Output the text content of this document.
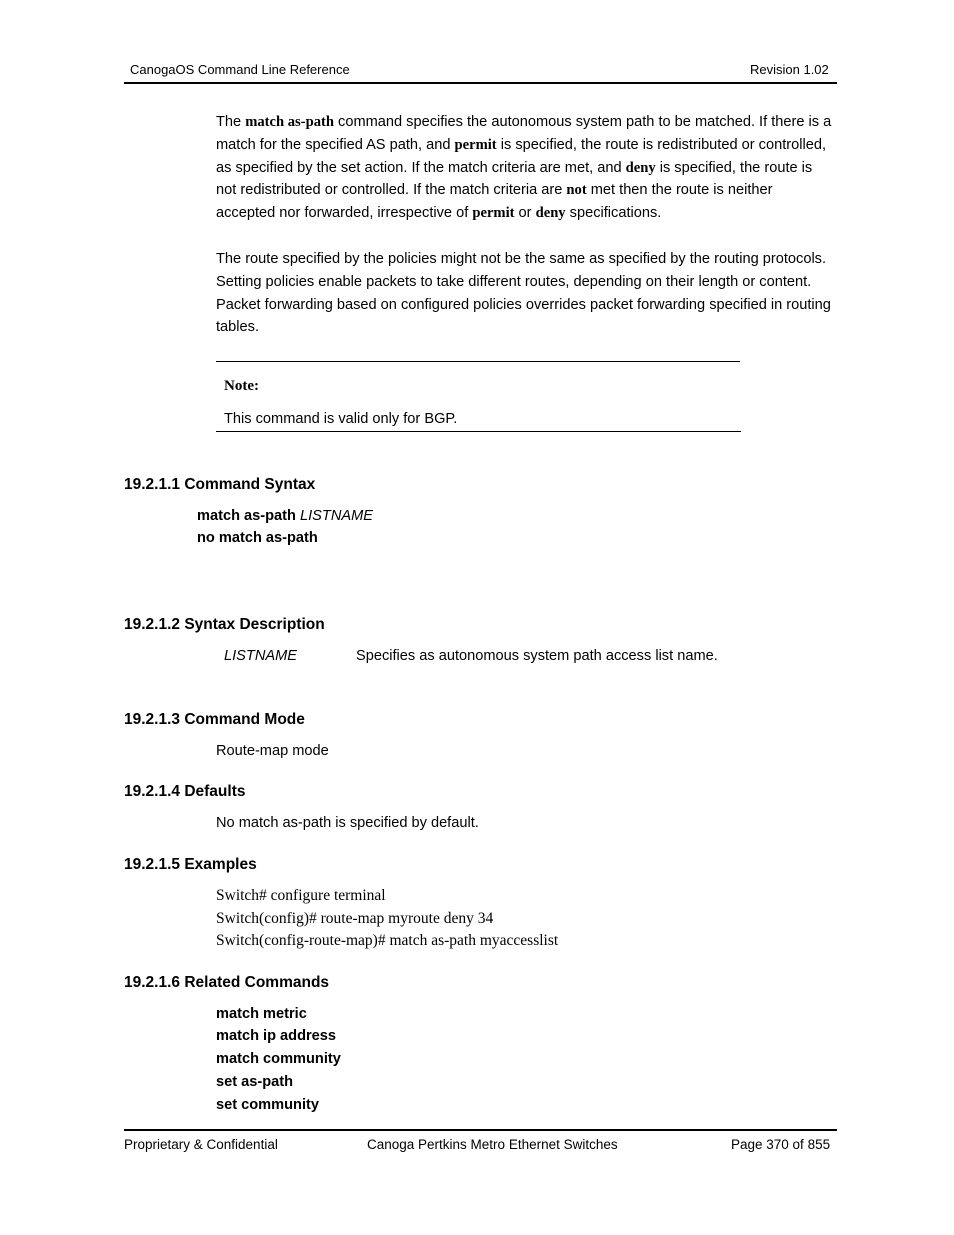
CanogaOS Command Line Reference	Revision 1.02
The match as-path command specifies the autonomous system path to be matched. If there is a match for the specified AS path, and permit is specified, the route is redistributed or controlled, as specified by the set action. If the match criteria are met, and deny is specified, the route is not redistributed or controlled. If the match criteria are not met then the route is neither accepted nor forwarded, irrespective of permit or deny specifications.
The route specified by the policies might not be the same as specified by the routing protocols. Setting policies enable packets to take different routes, depending on their length or content. Packet forwarding based on configured policies overrides packet forwarding specified in routing tables.
Note:
This command is valid only for BGP.
19.2.1.1 Command Syntax
match as-path LISTNAME
no match as-path
19.2.1.2 Syntax Description
LISTNAME	Specifies as autonomous system path access list name.
19.2.1.3 Command Mode
Route-map mode
19.2.1.4 Defaults
No match as-path is specified by default.
19.2.1.5 Examples
Switch# configure terminal
Switch(config)# route-map myroute deny 34
Switch(config-route-map)# match as-path myaccesslist
19.2.1.6 Related Commands
match metric
match ip address
match community
set as-path
set community
Proprietary & Confidential	Canoga Pertkins Metro Ethernet Switches	Page 370 of 855
